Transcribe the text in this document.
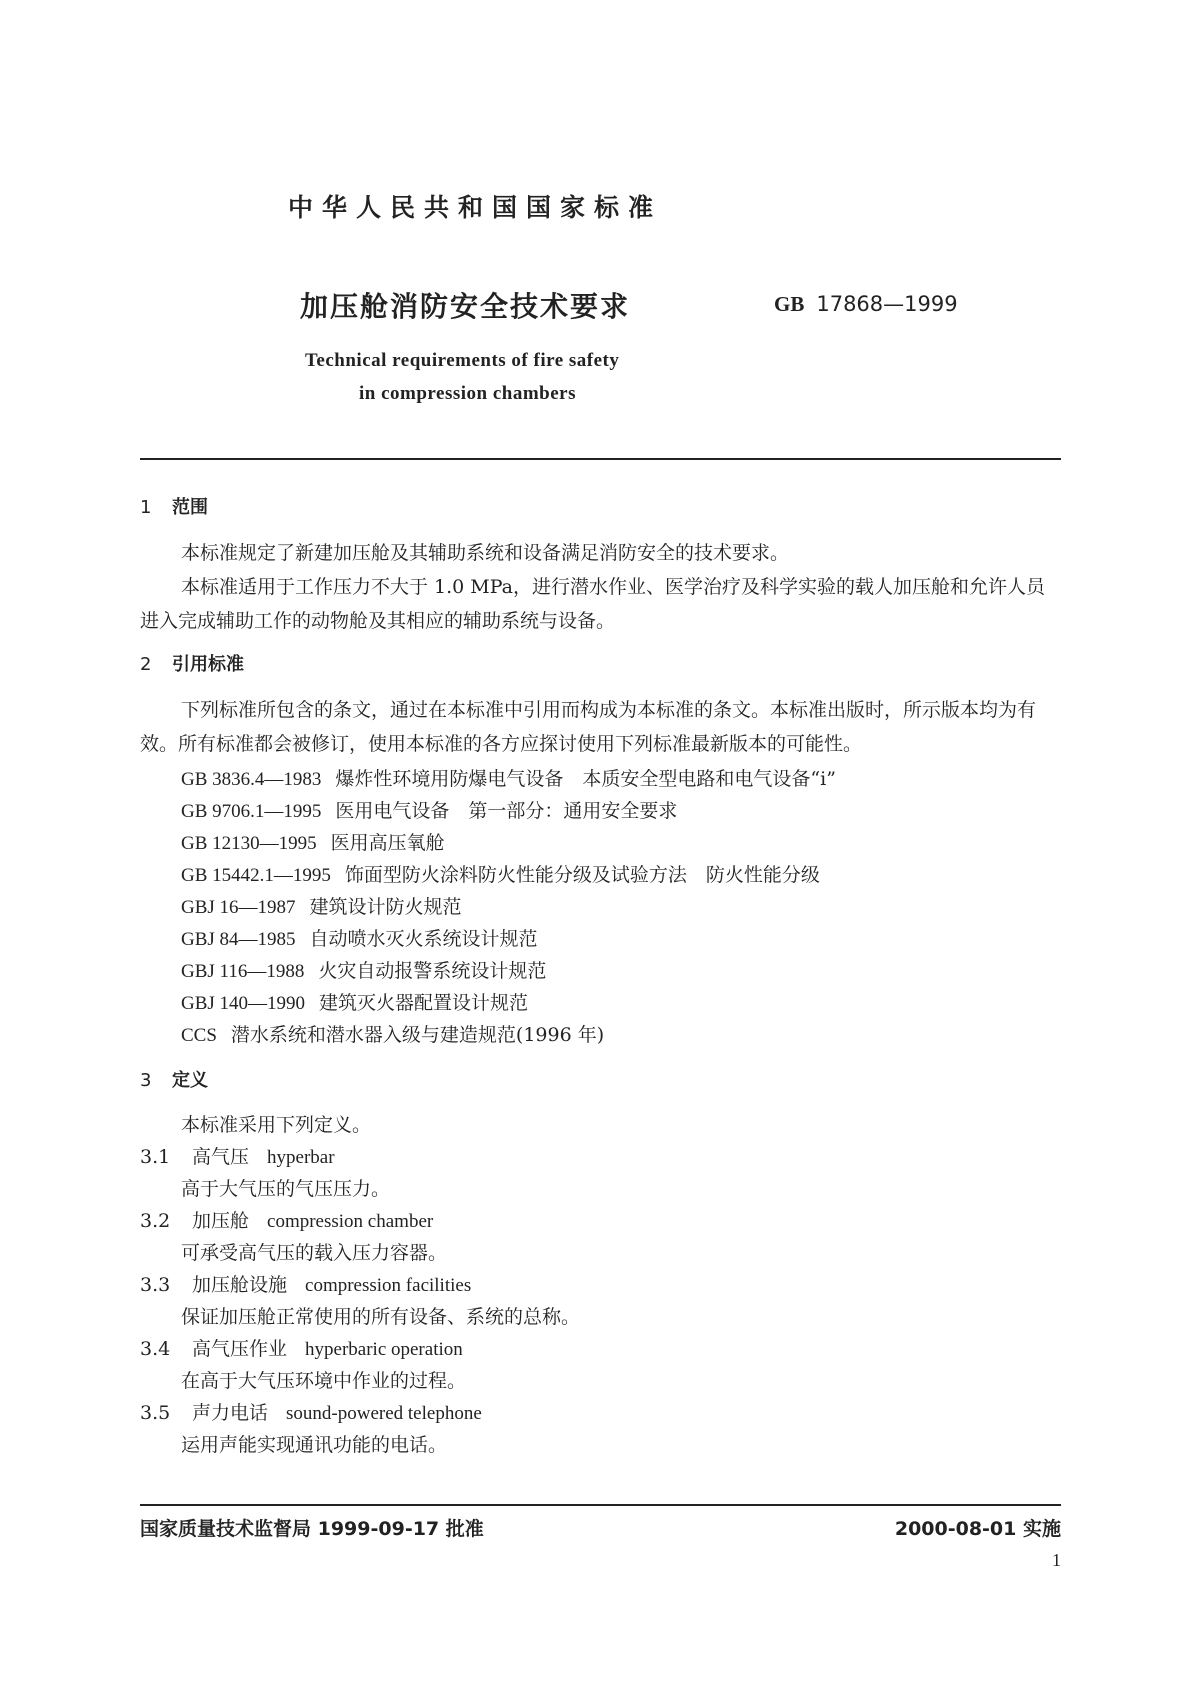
中华人民共和国国家标准
加压舱消防安全技术要求	GB 17868—1999
Technical requirements of fire safety
in compression chambers
1 范围
本标准规定了新建加压舱及其辅助系统和设备满足消防安全的技术要求。
本标准适用于工作压力不大于 1.0 MPa，进行潜水作业、医学治疗及科学实验的载人加压舱和允许人员进入完成辅助工作的动物舱及其相应的辅助系统与设备。
2 引用标准
下列标准所包含的条文，通过在本标准中引用而构成为本标准的条文。本标准出版时，所示版本均为有效。所有标准都会被修订，使用本标准的各方应探讨使用下列标准最新版本的可能性。
GB 3836.4—1983 爆炸性环境用防爆电气设备　本质安全型电路和电气设备“i”
GB 9706.1—1995 医用电气设备　第一部分：通用安全要求
GB 12130—1995 医用高压氧舱
GB 15442.1—1995 饰面型防火涂料防火性能分级及试验方法　防火性能分级
GBJ 16—1987 建筑设计防火规范
GBJ 84—1985 自动喷水灭火系统设计规范
GBJ 116—1988 火灾自动报警系统设计规范
GBJ 140—1990 建筑灭火器配置设计规范
CCS 潜水系统和潜水器入级与建造规范(1996 年)
3 定义
本标准采用下列定义。
3.1 高气压 hyperbar
高于大气压的气压压力。
3.2 加压舱 compression chamber
可承受高气压的载入压力容器。
3.3 加压舱设施 compression facilities
保证加压舱正常使用的所有设备、系统的总称。
3.4 高气压作业 hyperbaric operation
在高于大气压环境中作业的过程。
3.5 声力电话 sound-powered telephone
运用声能实现通讯功能的电话。
国家质量技术监督局 1999-09-17 批准	2000-08-01 实施
1
